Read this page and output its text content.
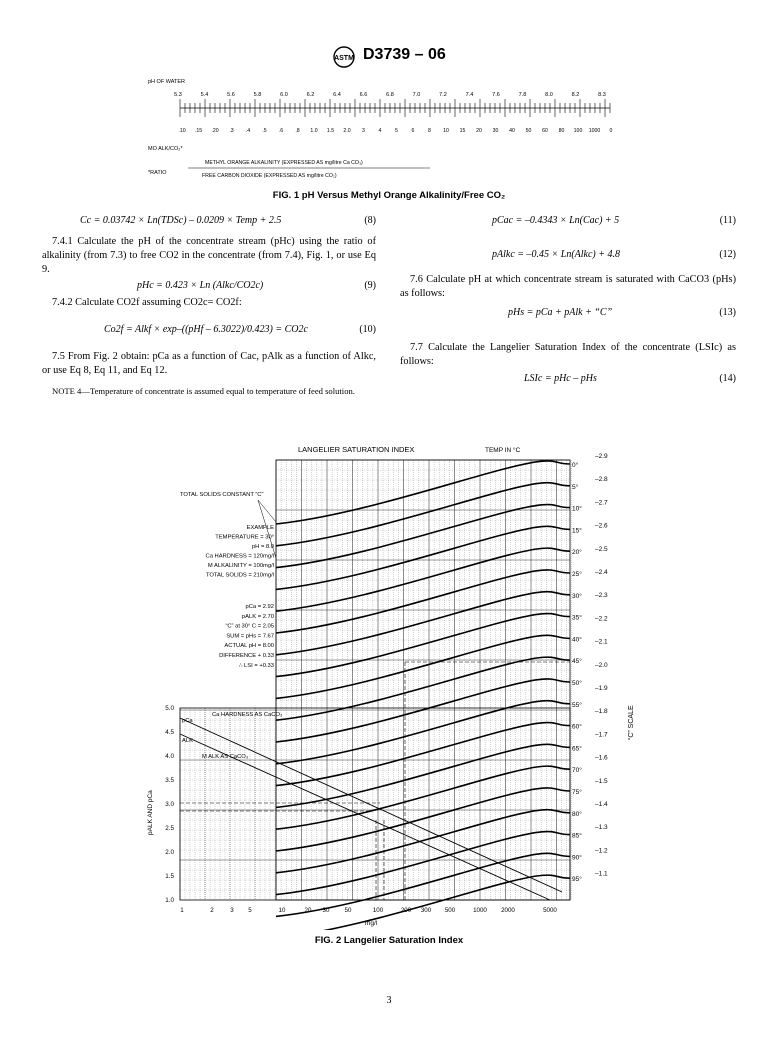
ASTM D3739 – 06
pH OF WATER
5.3	5.4	5.6	5.8	6.0	6.2	6.4	6.6	6.8	7.0	7.2	7.4	7.6	7.8	8.0	8.2	8.3
.10 .15 .20 .3 .4 .5 .6 .8 1.0 1.5 2.0 3	4	5	6	8 10 15 20 30 40 50 60 80 100 1000 0
MO ALK/CO₂*
*RATIO
METHYL ORANGE ALKALINITY (EXPRESSED AS mg/litre Ca CO₃)
FREE CARBON DIOXIDE (EXPRESSED AS mg/litre CO₂)
FIG. 1 pH Versus Methyl Orange Alkalinity/Free CO₂
Cc = 0.03742 × Ln(TDSc) – 0.0209 × Temp + 2.5	(8)

7.4.1 Calculate the pH of the concentrate stream (pHc) using the ratio of alkalinity (from 7.3) to free CO2 in the concentrate (from 7.4), Fig. 1, or use Eq 9.

pHc = 0.423 × Ln (Alkc/CO2c)	(9)

7.4.2 Calculate CO2f assuming CO2c= CO2f:

Co2f = Alkf × exp–((pHf – 6.3022)/0.423) = CO2c	(10)

7.5 From Fig. 2 obtain: pCa as a function of Cac, pAlk as a function of Alkc, or use Eq 8, Eq 11, and Eq 12.

NOTE 4—Temperature of concentrate is assumed equal to temperature of feed solution.

pCac = –0.4343 × Ln(Cac) + 5	(11)
pAlkc = –0.45 × Ln(Alkc) + 4.8	(12)

7.6 Calculate pH at which concentrate stream is saturated with CaCO3 (pHs) as follows:

pHs = pCa + pAlk + “C”	(13)

7.7 Calculate the Langelier Saturation Index of the concentrate (LSIc) as follows:

LSIc = pHc – pHs	(14)
LANGELIER SATURATION INDEX	TEMP IN °C
0°
5°
10°
15°
20°
25°
30°
35°
40°
45°
50°
55°
60°
65°
70°
75°
80°
85°
90°
95°
–2.9
–2.8
–2.7
–2.6
–2.5
–2.4
–2.3
–2.2
–2.1
–2.0
–1.9
–1.8
–1.7
–1.6
–1.5
–1.4
–1.3
–1.2
–1.1
“C” SCALE
5.0
4.5
4.0
3.5
3.0
2.5
2.0
1.5
1.0
pALK AND pCa
1	2	3 5	10	20 30 50	100	200 300 500	1000 2000	5000
mg/l
TOTAL SOLIDS CONSTANT “C”
EXAMPLE
TEMPERATURE = 30°
pH = 8.0
Ca HARDNESS = 120mg/l
M ALKALINITY = 100mg/l
TOTAL SOLIDS = 210mg/l
pCa = 2.92
pALK = 2.70
“C” at 30° C = 2.05
SUM = pHs = 7.67
ACTUAL pH = 8.00
DIFFERENCE + 0.33
∴ LSI = +0.33
Ca HARDNESS AS CaCO₃
M ALK AS CaCO₃
pCa
ALK
FIG. 2 Langelier Saturation Index
3
